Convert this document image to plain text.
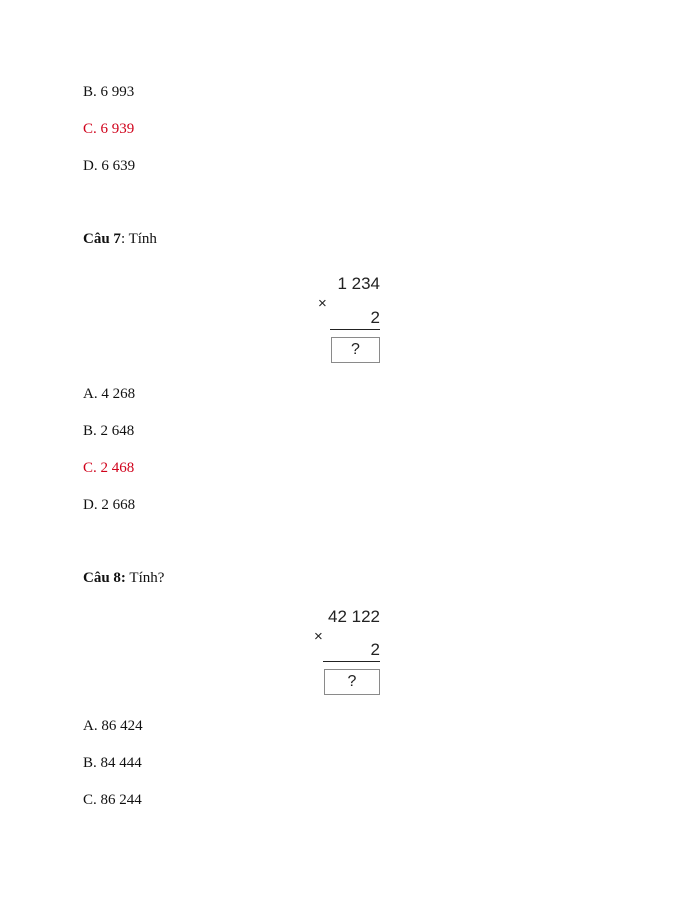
B. 6 993
C. 6 939
D. 6 639
Câu 7: Tính
1 234
×
2
?
A. 4 268
B. 2 648
C. 2 468
D. 2 668
Câu 8: Tính?
42 122
×
2
?
A. 86 424
B. 84 444
C. 86 244
